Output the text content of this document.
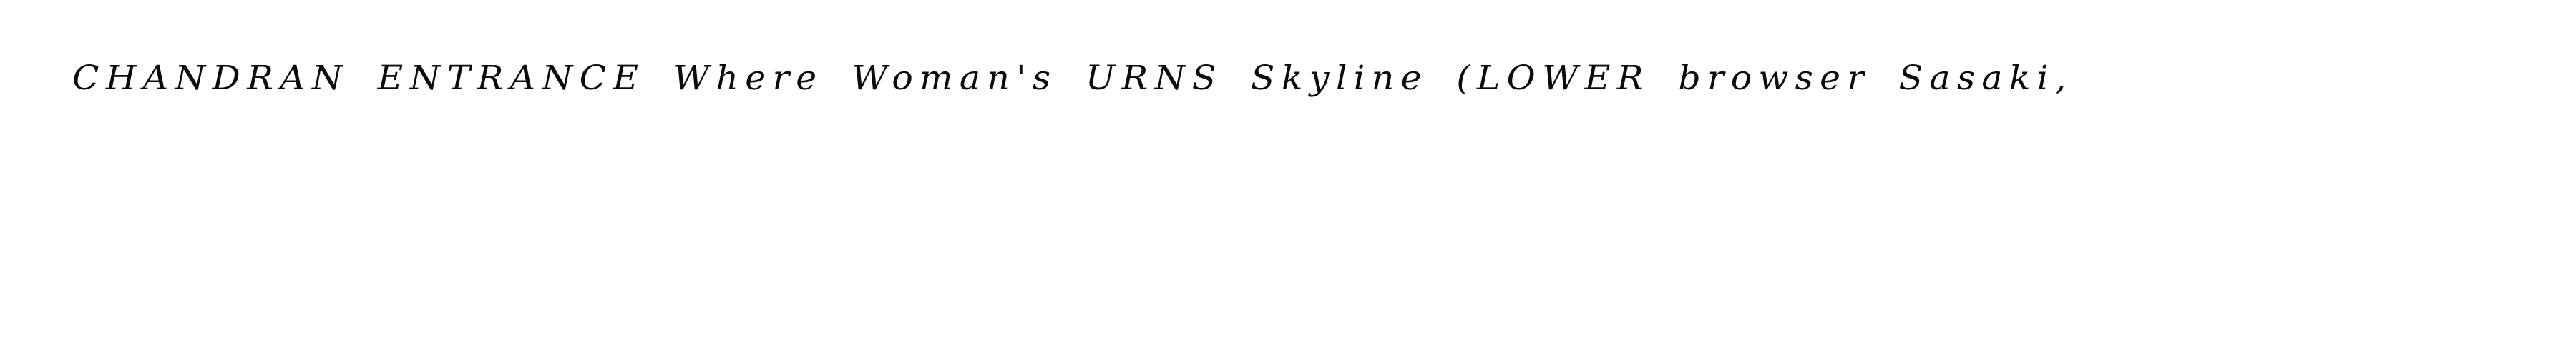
CHANDRAN ENTRANCE Where Woman's URNS Skyline (LOWER browser Sasaki,
